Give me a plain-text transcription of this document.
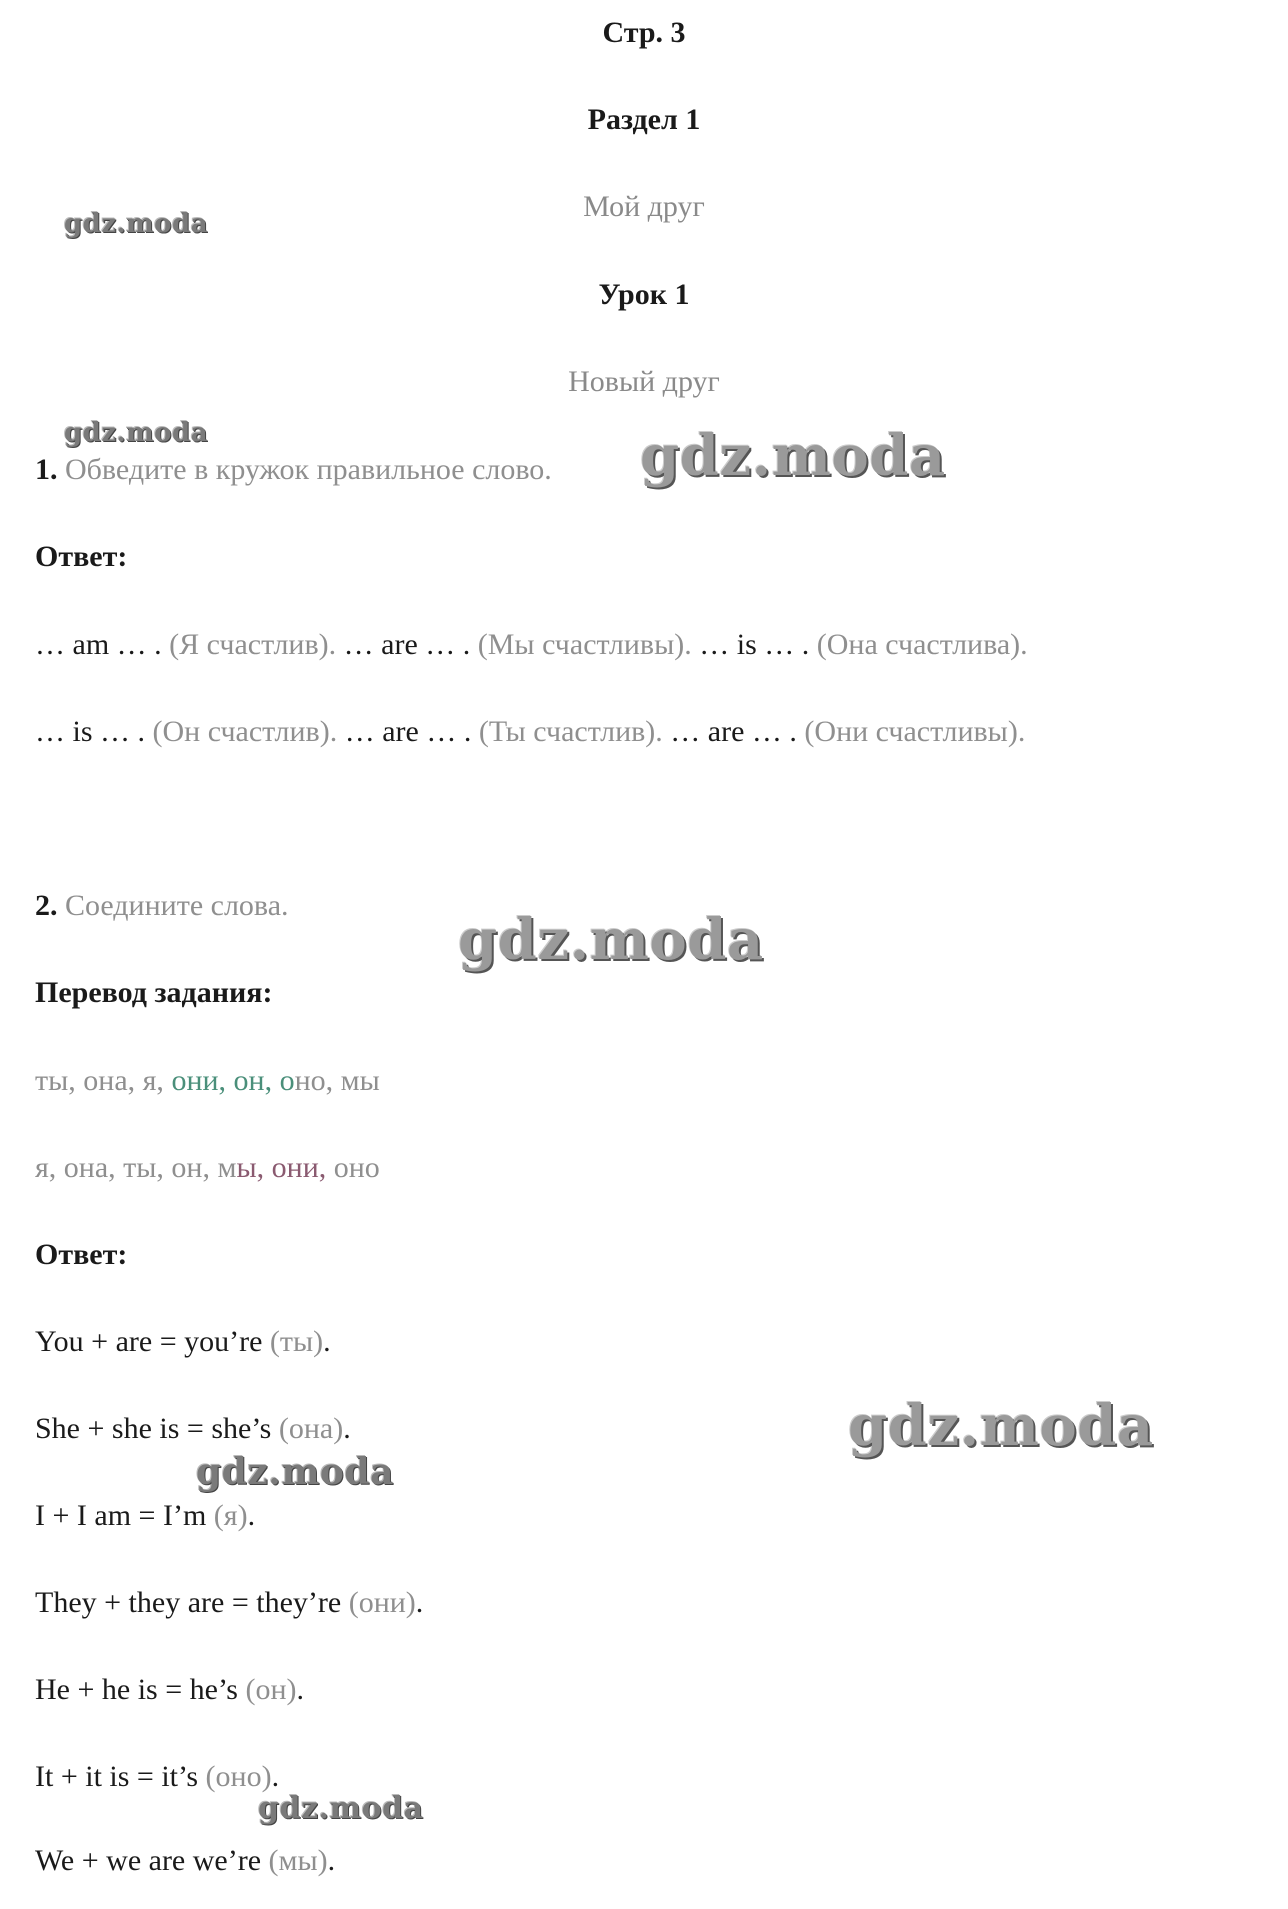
Стр. 3
Раздел 1
Мой друг
Урок 1
Новый друг
1. Обведите в кружок правильное слово.
Ответ:
… am … . (Я счастлив). … are … . (Мы счастливы). … is … . (Она счастлива).
… is … . (Он счастлив). … are … . (Ты счастлив). … are … . (Они счастливы).
2. Соедините слова.
Перевод задания:
ты, она, я, они, он, оно, мы
я, она, ты, он, мы, они, оно
Ответ:
You + are = you’re (ты).
She + she is = she’s (она).
I + I am = I’m (я).
They + they are = they’re (они).
He + he is = he’s (он).
It + it is = it’s (оно).
We + we are we’re (мы).
gdz.moda
gdz.moda	gdz.moda
gdz.moda
gdz.moda
gdz.moda
gdz.moda
